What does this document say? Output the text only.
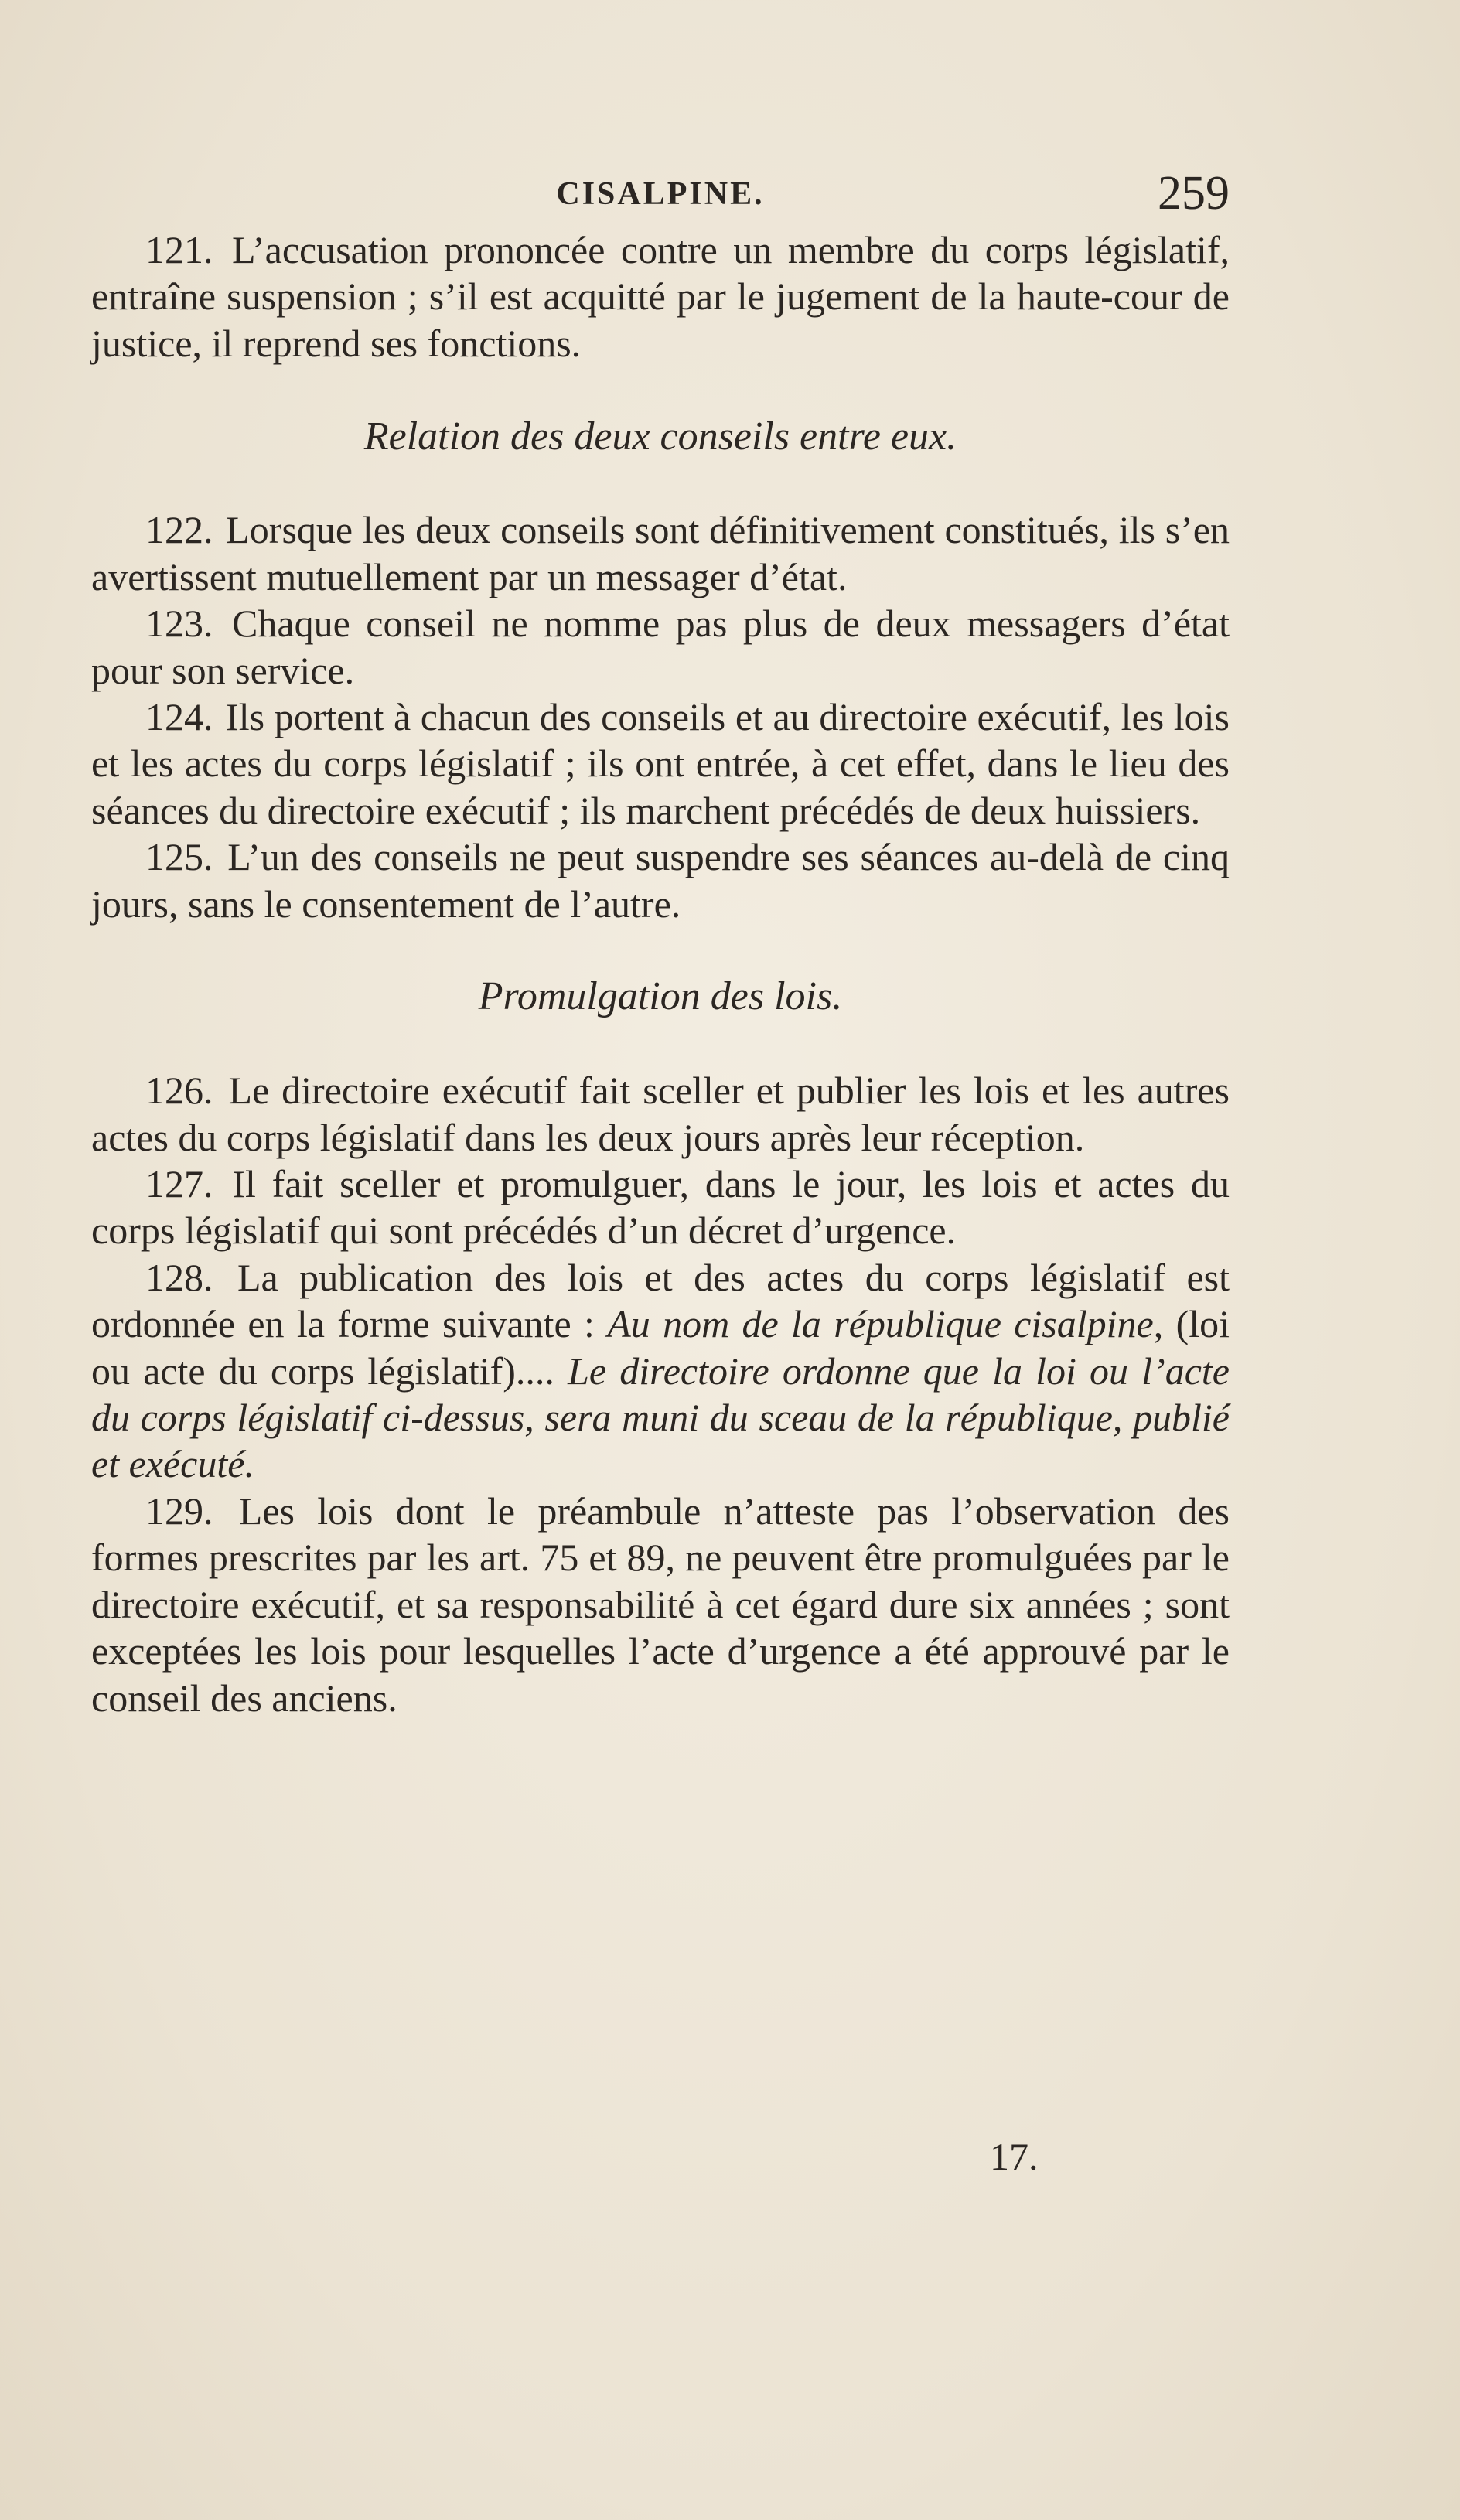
CISALPINE.	259

121. L’accusation prononcée contre un membre du corps législatif, entraîne suspension ; s’il est acquitté par le jugement de la haute-cour de justice, il reprend ses fonctions.

Relation des deux conseils entre eux.

122. Lorsque les deux conseils sont définitivement constitués, ils s’en avertissent mutuellement par un messager d’état.

123. Chaque conseil ne nomme pas plus de deux messagers d’état pour son service.

124. Ils portent à chacun des conseils et au directoire exécutif, les lois et les actes du corps législatif ; ils ont entrée, à cet effet, dans le lieu des séances du directoire exécutif ; ils marchent précédés de deux huissiers.

125. L’un des conseils ne peut suspendre ses séances au-delà de cinq jours, sans le consentement de l’autre.

Promulgation des lois.

126. Le directoire exécutif fait sceller et publier les lois et les autres actes du corps législatif dans les deux jours après leur réception.

127. Il fait sceller et promulguer, dans le jour, les lois et actes du corps législatif qui sont précédés d’un décret d’urgence.

128. La publication des lois et des actes du corps législatif est ordonnée en la forme suivante : Au nom de la république cisalpine, (loi ou acte du corps législatif).... Le directoire ordonne que la loi ou l’acte du corps législatif ci-dessus, sera muni du sceau de la république, publié et exécuté.

129. Les lois dont le préambule n’atteste pas l’observation des formes prescrites par les art. 75 et 89, ne peuvent être promulguées par le directoire exécutif, et sa responsabilité à cet égard dure six années ; sont exceptées les lois pour lesquelles l’acte d’urgence a été approuvé par le conseil des anciens.

17.
